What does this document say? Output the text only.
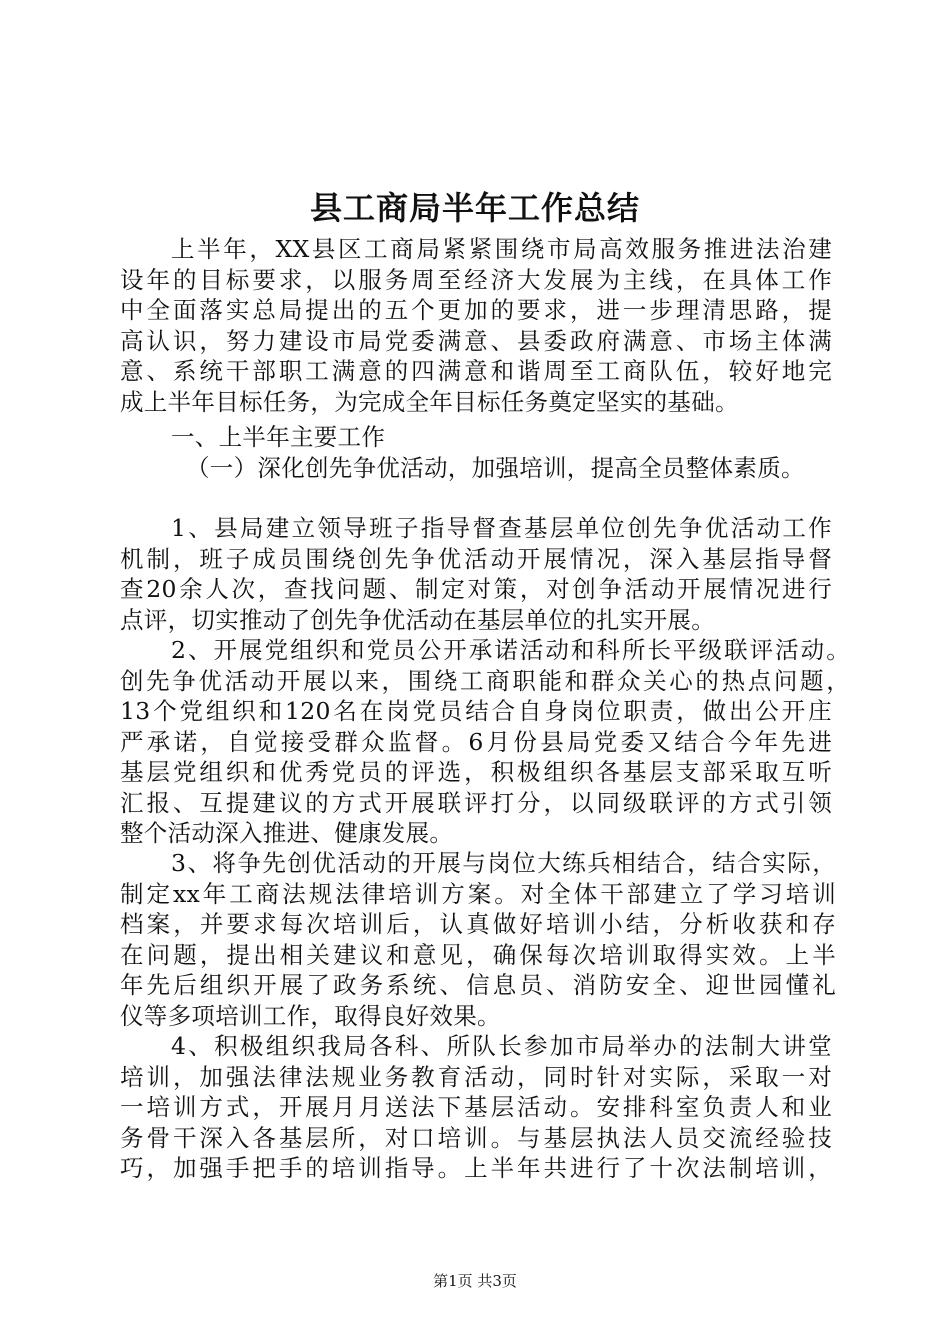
县工商局半年工作总结
上半年，XX县区工商局紧紧围绕市局高效服务推进法治建
设年的目标要求，以服务周至经济大发展为主线，在具体工作
中全面落实总局提出的五个更加的要求，进一步理清思路，提
高认识，努力建设市局党委满意、县委政府满意、市场主体满
意、系统干部职工满意的四满意和谐周至工商队伍，较好地完
成上半年目标任务，为完成全年目标任务奠定坚实的基础。
一、上半年主要工作
（一）深化创先争优活动，加强培训，提高全员整体素质。
1、县局建立领导班子指导督查基层单位创先争优活动工作
机制，班子成员围绕创先争优活动开展情况，深入基层指导督
查20余人次，查找问题、制定对策，对创争活动开展情况进行
点评，切实推动了创先争优活动在基层单位的扎实开展。
2、开展党组织和党员公开承诺活动和科所长平级联评活动。
创先争优活动开展以来，围绕工商职能和群众关心的热点问题，
13个党组织和120名在岗党员结合自身岗位职责，做出公开庄
严承诺，自觉接受群众监督。6月份县局党委又结合今年先进
基层党组织和优秀党员的评选，积极组织各基层支部采取互听
汇报、互提建议的方式开展联评打分，以同级联评的方式引领
整个活动深入推进、健康发展。
3、将争先创优活动的开展与岗位大练兵相结合，结合实际，
制定xx年工商法规法律培训方案。对全体干部建立了学习培训
档案，并要求每次培训后，认真做好培训小结，分析收获和存
在问题，提出相关建议和意见，确保每次培训取得实效。上半
年先后组织开展了政务系统、信息员、消防安全、迎世园懂礼
仪等多项培训工作，取得良好效果。
4、积极组织我局各科、所队长参加市局举办的法制大讲堂
培训，加强法律法规业务教育活动，同时针对实际，采取一对
一培训方式，开展月月送法下基层活动。安排科室负责人和业
务骨干深入各基层所，对口培训。与基层执法人员交流经验技
巧，加强手把手的培训指导。上半年共进行了十次法制培训，
第1页 共3页
